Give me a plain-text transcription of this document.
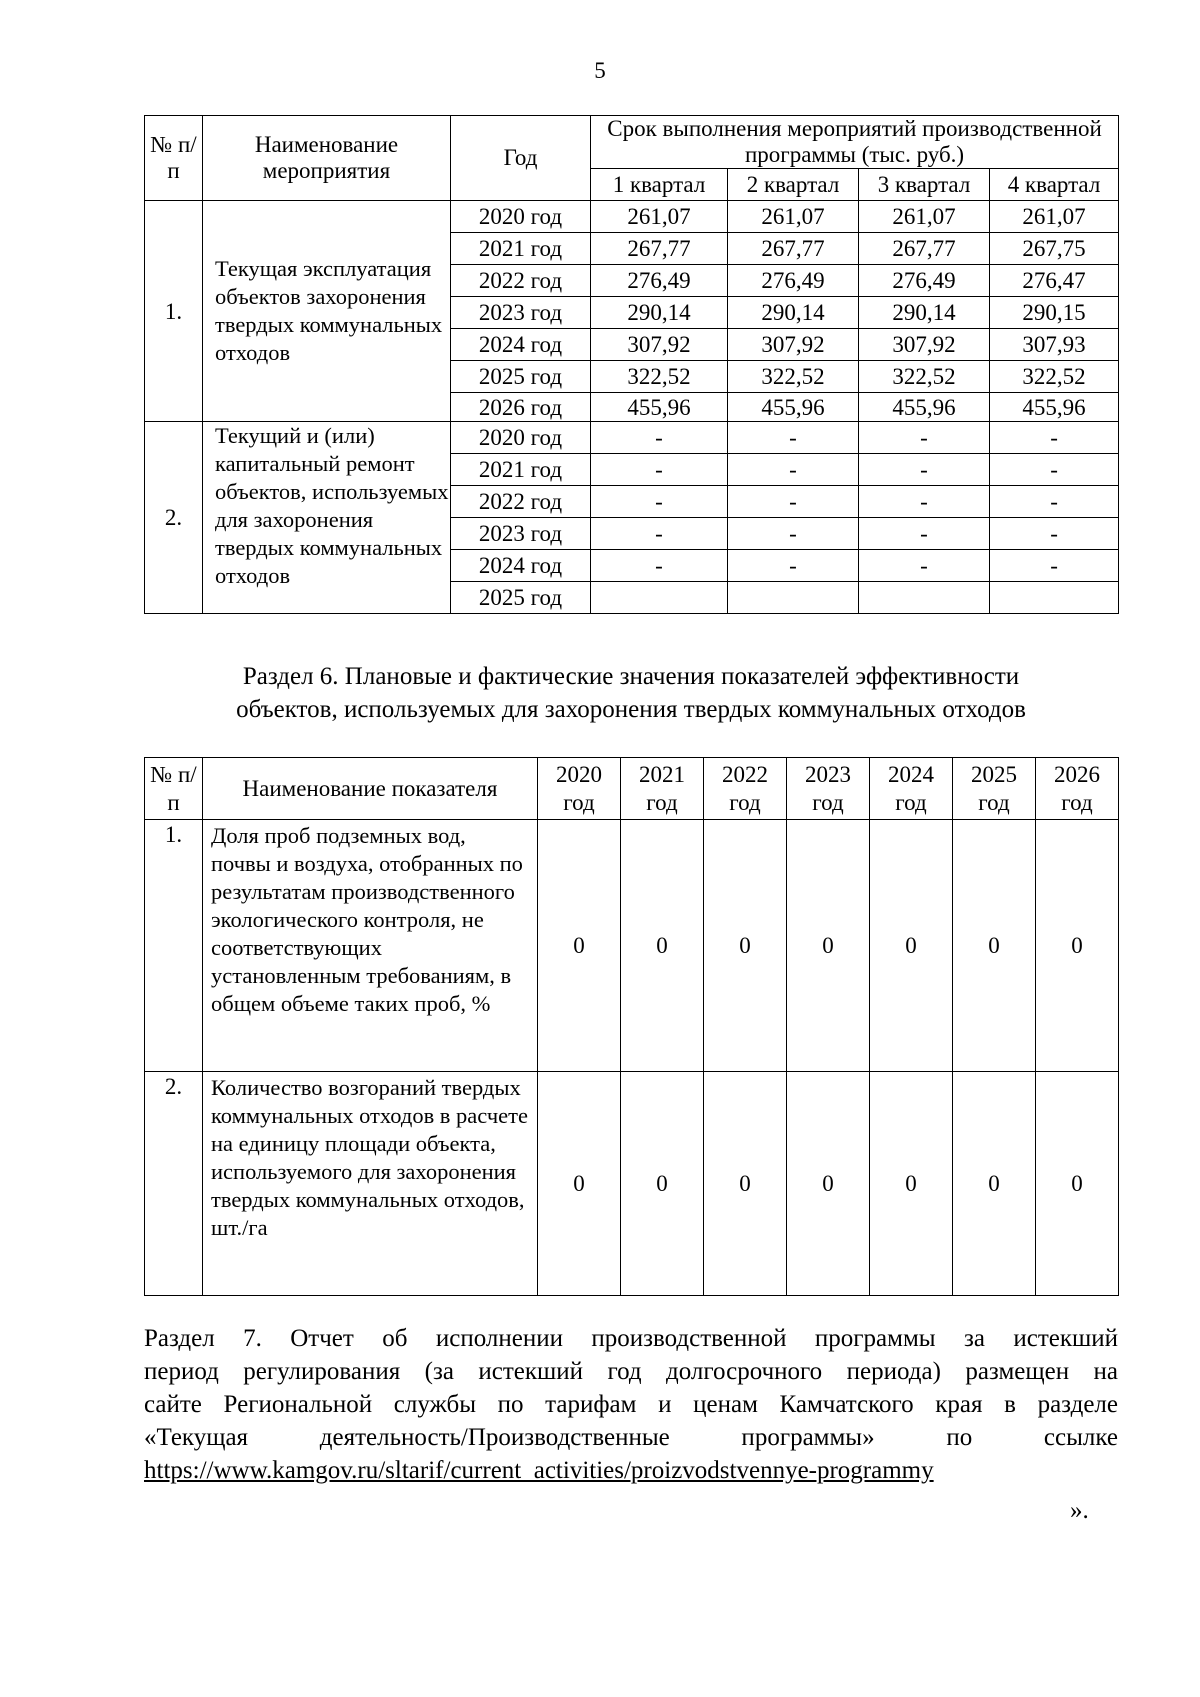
5
№ п/п	Наименование мероприятия	Год	Срок выполнения мероприятий производственной программы (тыс. руб.)			
			1 квартал	2 квартал	3 квартал	4 квартал
1.	Текущая эксплуатация объектов захоронения твердых коммунальных отходов	2020 год	261,07	261,07	261,07	261,07
		2021 год	267,77	267,77	267,77	267,75
		2022 год	276,49	276,49	276,49	276,47
		2023 год	290,14	290,14	290,14	290,15
		2024 год	307,92	307,92	307,92	307,93
		2025 год	322,52	322,52	322,52	322,52
		2026 год	455,96	455,96	455,96	455,96
2.	Текущий и (или) капитальный ремонт объектов, используемых для захоронения твердых коммунальных отходов	2020 год	-	-	-	-
		2021 год	-	-	-	-
		2022 год	-	-	-	-
		2023 год	-	-	-	-
		2024 год	-	-	-	-
		2025 год				
Раздел 6. Плановые и фактические значения показателей эффективности
объектов, используемых для захоронения твердых коммунальных отходов
№ п/п	Наименование показателя	2020 год	2021 год	2022 год	2023 год	2024 год	2025 год	2026 год
1.	Доля проб подземных вод, почвы и воздуха, отобранных по результатам производственного экологического контроля, не соответствующих установленным требованиям, в общем объеме таких проб, %	0	0	0	0	0	0	0
2.	Количество возгораний твердых коммунальных отходов в расчете на единицу площади объекта, используемого для захоронения твердых коммунальных отходов, шт./га	0	0	0	0	0	0	0
Раздел 7. Отчет об исполнении производственной программы за истекший
период регулирования (за истекший год долгосрочного периода) размещен на
сайте Региональной службы по тарифам и ценам Камчатского края в разделе
«Текущая деятельность/Производственные программы» по ссылке
https://www.kamgov.ru/sltarif/current_activities/proizvodstvennye-programmy
».
